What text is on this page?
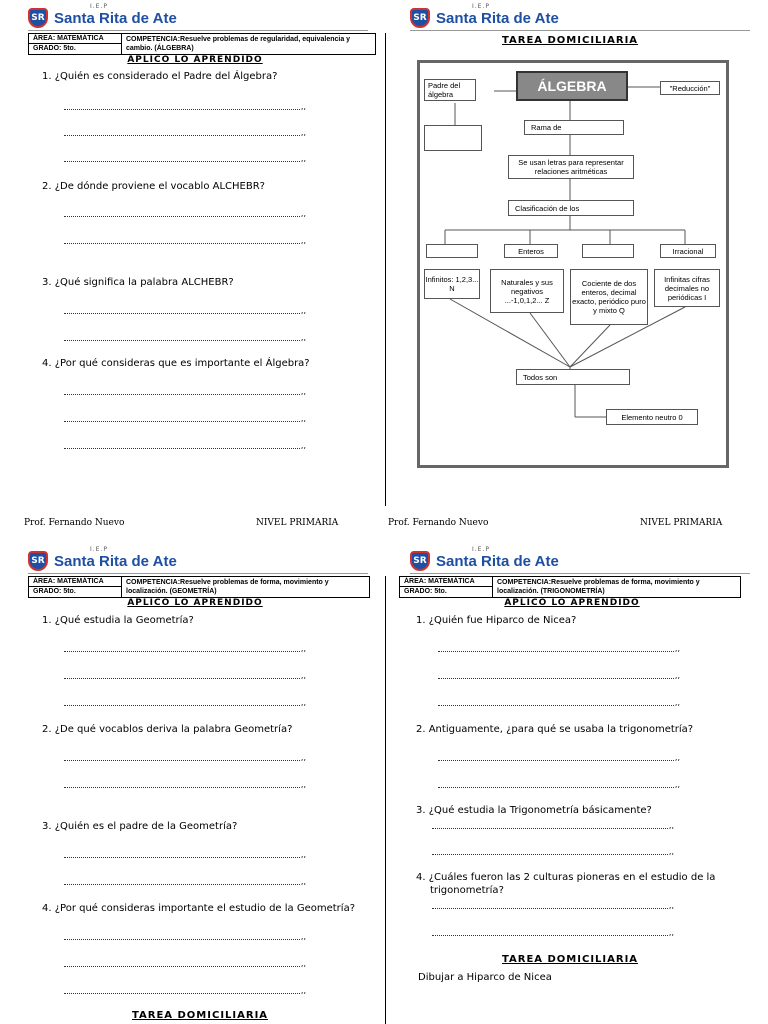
SR
I.E.P
Santa Rita de Ate	SR
I.E.P
Santa Rita de Ate
SR
I.E.P
Santa Rita de Ate	SR
I.E.P
Santa Rita de Ate
ÁREA: MATEMÁTICA
GRADO: 5to.
COMPETENCIA:Resuelve problemas de regularidad, equivalencia y cambio. (ÁLGEBRA)
APLICO LO APRENDIDO
1. ¿Quién es considerado el Padre del Álgebra?
,,
,,
,,
2. ¿De dónde proviene el vocablo ALCHEBR?
,,
,,
3. ¿Qué significa la palabra ALCHEBR?
,,
,,
4. ¿Por qué consideras que es importante el Álgebra?
,,
,,
,,
TAREA DOMICILIARIA
Padre del álgebra
ÁLGEBRA	"Reducción"
Rama de
Se usan letras para representar relaciones aritméticas
Clasificación de los
Enteros	Irracional
Infinitos: 1,2,3... N
Naturales y sus negativos ...-1,0,1,2... Z
Cociente de dos enteros, decimal exacto, periódico puro y mixto Q
Infinitas cifras decimales no periódicas I
Todos son
Elemento neutro 0
Prof. Fernando Nuevo	NIVEL PRIMARIA	Prof. Fernando Nuevo	NIVEL PRIMARIA
ÁREA: MATEMÁTICA
GRADO: 5to.
COMPETENCIA:Resuelve problemas de forma, movimiento y localización. (GEOMETRÍA)
APLICO LO APRENDIDO
1. ¿Qué estudia la Geometría?
,,
,,
,,
2. ¿De qué vocablos deriva la palabra Geometría?
,,
,,
3. ¿Quién es el padre de la Geometría?
,,
,,
4. ¿Por qué consideras importante el estudio de la Geometría?
,,
,,
,,
TAREA DOMICILIARIA
ÁREA: MATEMÁTICA
GRADO: 5to.
COMPETENCIA:Resuelve problemas de forma, movimiento y localización. (TRIGONOMETRÍA)
APLICO LO APRENDIDO
1. ¿Quién fue Hiparco de Nicea?
,,
,,
,,
2. Antiguamente, ¿para qué se usaba la trigonometría?
,,
,,
3. ¿Qué estudia la Trigonometría básicamente?
,,
,,
4. ¿Cuáles fueron las 2 culturas pioneras en el estudio de la trigonometría?
,,
,,
TAREA DOMICILIARIA
Dibujar a Hiparco de Nicea
